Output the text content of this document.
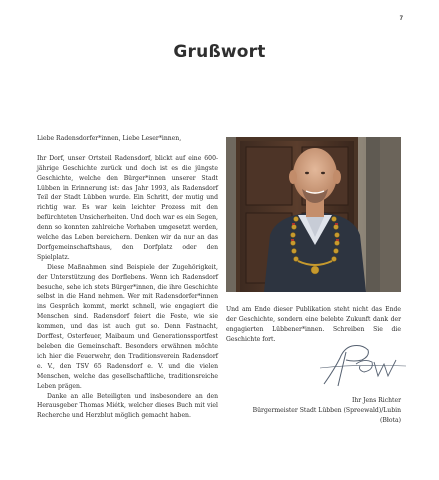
7
Grußwort

Liebe Radensdorfer*innen, Liebe Leser*innen,

Ihr Dorf, unser Ortsteil Radensdorf, blickt auf eine 600-jährige Geschichte zurück und doch ist es die jüngste Geschichte, welche den Bürger*innen unserer Stadt Lübben in Erinnerung ist: das Jahr 1993, als Radensdorf Teil der Stadt Lübben wurde. Ein Schritt, der mutig und richtig war. Es war kein leichter Prozess mit den befürchteten Unsicherheiten. Und doch war es ein Segen, denn so konnten zahlreiche Vorhaben umgesetzt werden, welche das Leben bereichern. Denken wir da nur an das Dorfgemeinschaftshaus, den Dorfplatz oder den Spielplatz.

Diese Maßnahmen sind Beispiele der Zugehörigkeit, der Unterstützung des Dorflebens. Wenn ich Radensdorf besuche, sehe ich stets Bürger*innen, die ihre Geschichte selbst in die Hand nehmen. Wer mit Radensdorfer*innen ins Gespräch kommt, merkt schnell, wie engagiert die Menschen sind. Radensdorf feiert die Feste, wie sie kommen, und das ist auch gut so. Denn Fastnacht, Dorffest, Osterfeuer, Maibaum und Generationssportfest beleben die Gemeinschaft. Besonders erwähnen möchte ich hier die Feuerwehr, den Traditionsverein Radensdorf e. V., den TSV 65 Radensdorf e. V. und die vielen Menschen, welche das gesellschaftliche, traditionsreiche Leben prägen.

Danke an alle Beteiligten und insbesondere an den Herausgeber Thomas Miétk, welcher dieses Buch mit viel Recherche und Herzblut möglich gemacht haben.

Und am Ende dieser Publikation steht nicht das Ende der Geschichte, sondern eine belebte Zukunft dank der engagierten Lübbener*innen. Schreiben Sie die Geschichte fort.

Ihr Jens Richter
Bürgermeister Stadt Lübben (Spreewald)/Lubin
(Błota)
